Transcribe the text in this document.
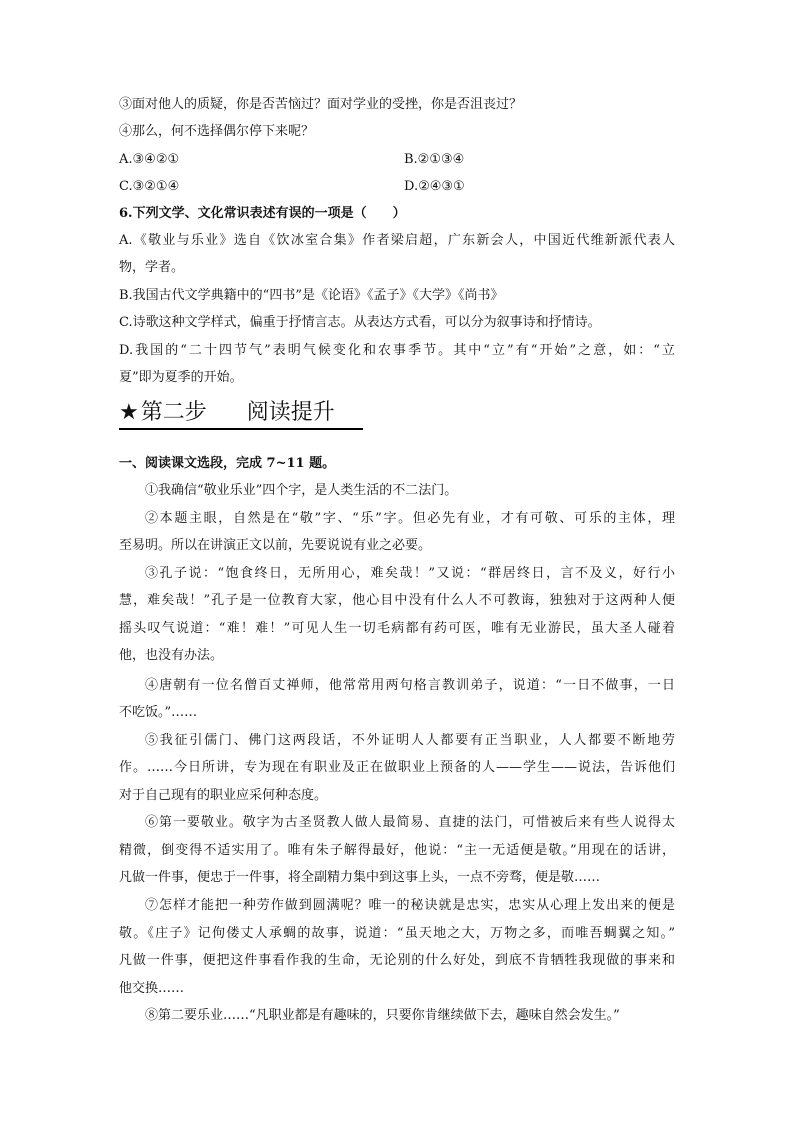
③面对他人的质疑，你是否苦恼过？面对学业的受挫，你是否沮丧过？
④那么，何不选择偶尔停下来呢？
A.③④②①	B.②①③④
C.③②①④	D.②④③①
6.下列文学、文化常识表述有误的一项是（　　）
A.《敬业与乐业》选自《饮冰室合集》作者梁启超，广东新会人，中国近代维新派代表人
物，学者。
B.我国古代文学典籍中的“四书”是《论语》《孟子》《大学》《尚书》
C.诗歌这种文学样式，偏重于抒情言志。从表达方式看，可以分为叙事诗和抒情诗。
D.我国的“二十四节气”表明气候变化和农事季节。其中“立”有“开始”之意，如：“立
夏”即为夏季的开始。
★第二步 阅读提升
一、阅读课文选段，完成 7~11 题。
①我确信“敬业乐业”四个字，是人类生活的不二法门。
②本题主眼，自然是在“敬”字、“乐”字。但必先有业，才有可敬、可乐的主体，理
至易明。所以在讲演正文以前，先要说说有业之必要。
③孔子说：“饱食终日，无所用心，难矣哉！”又说：“群居终日，言不及义，好行小
慧，难矣哉！”孔子是一位教育大家，他心目中没有什么人不可教诲，独独对于这两种人便
摇头叹气说道：“难！难！”可见人生一切毛病都有药可医，唯有无业游民，虽大圣人碰着
他，也没有办法。
④唐朝有一位名僧百丈禅师，他常常用两句格言教训弟子，说道：“一日不做事，一日
不吃饭。”……
⑤我征引儒门、佛门这两段话，不外证明人人都要有正当职业，人人都要不断地劳
作。……今日所讲，专为现在有职业及正在做职业上预备的人——学生——说法，告诉他们
对于自己现有的职业应采何种态度。
⑥第一要敬业。敬字为古圣贤教人做人最简易、直捷的法门，可惜被后来有些人说得太
精微，倒变得不适实用了。唯有朱子解得最好，他说：“主一无适便是敬。”用现在的话讲，
凡做一件事，便忠于一件事，将全副精力集中到这事上头，一点不旁骛，便是敬……
⑦怎样才能把一种劳作做到圆满呢？唯一的秘诀就是忠实，忠实从心理上发出来的便是
敬。《庄子》记佝偻丈人承蜩的故事，说道：“虽天地之大，万物之多，而唯吾蜩翼之知。”
凡做一件事，便把这件事看作我的生命，无论别的什么好处，到底不肯牺牲我现做的事来和
他交换……
⑧第二要乐业……“凡职业都是有趣味的，只要你肯继续做下去，趣味自然会发生。”
